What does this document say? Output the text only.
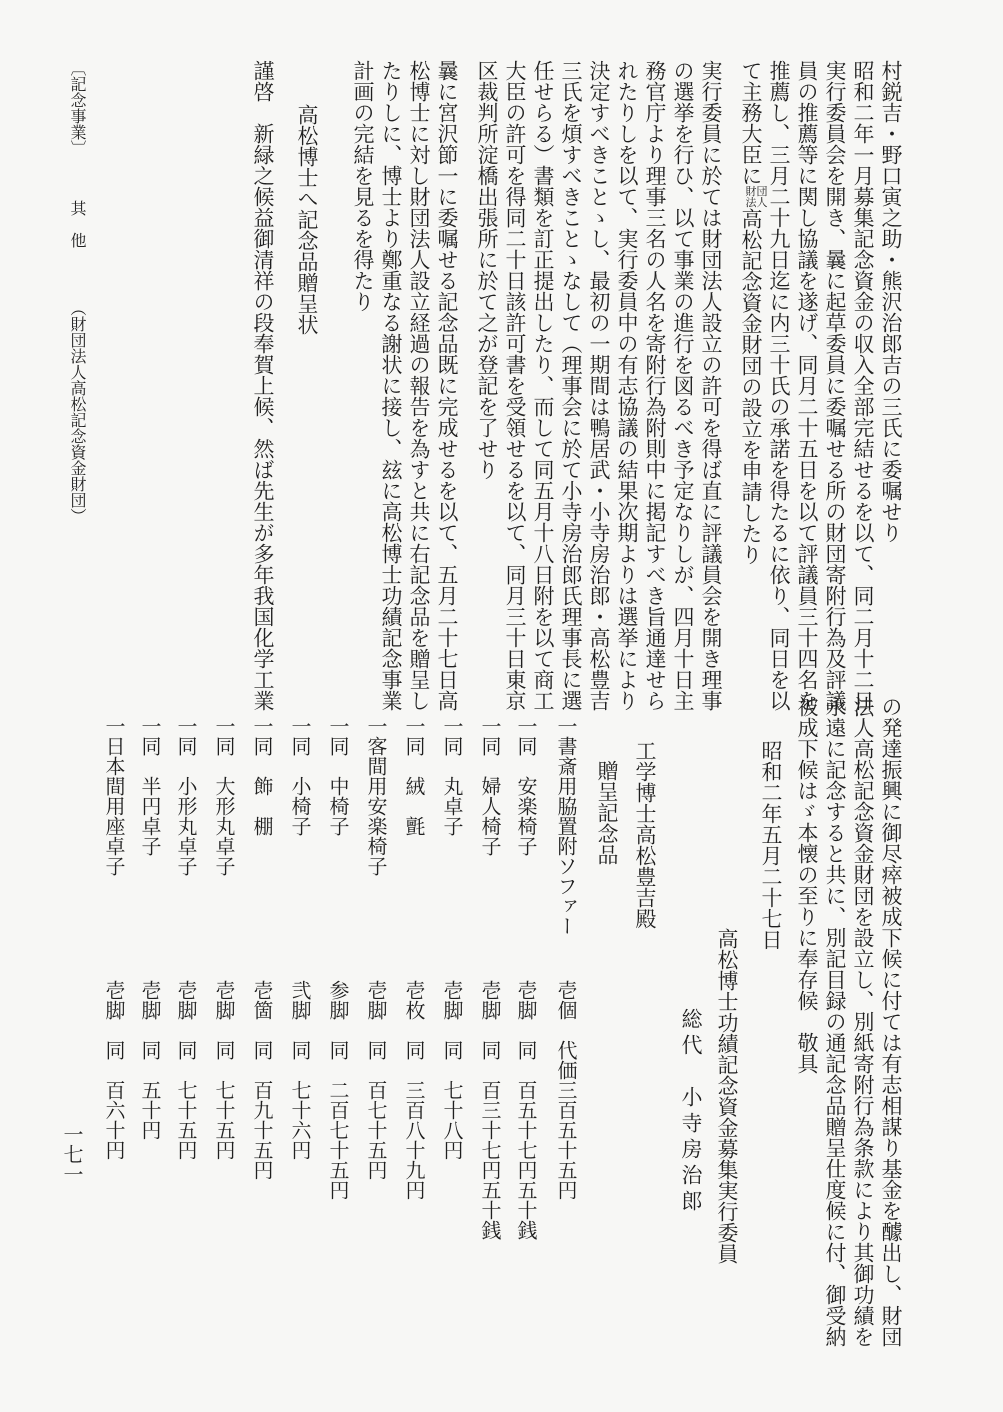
村鋭吉・野口寅之助・熊沢治郎吉の三氏に委嘱せり
昭和二年一月募集記念資金の収入全部完結せるを以て、同二月十二日
実行委員会を開き、曩に起草委員に委嘱せる所の財団寄附行為及評議
員の推薦等に関し協議を遂げ、同月二十五日を以て評議員三十四名を
推薦し、三月二十九日迄に内三十氏の承諾を得たるに依り、同日を以
て主務大臣に
財団
法人
高松記念資金財団の設立を申請したり
実行委員に於ては財団法人設立の許可を得ば直に評議員会を開き理事
の選挙を行ひ、以て事業の進行を図るべき予定なりしが、四月十日主
務官庁より理事三名の人名を寄附行為附則中に掲記すべき旨通達せら
れたりしを以て、実行委員中の有志協議の結果次期よりは選挙により
決定すべきことゝし、最初の一期間は鴨居武・小寺房治郎・高松豊吉
三氏を煩すべきことゝなして（理事会に於て小寺房治郎氏理事長に選
任せらる）書類を訂正提出したり、而して同五月十八日附を以て商工
大臣の許可を得同二十日該許可書を受領せるを以て、同月三十日東京
区裁判所淀橋出張所に於て之が登記を了せり
曩に宮沢節一に委嘱せる記念品既に完成せるを以て、五月二十七日高
松博士に対し財団法人設立経過の報告を為すと共に右記念品を贈呈し
たりしに、博士より鄭重なる謝状に接し、玆に高松博士功績記念事業
計画の完結を見るを得たり
高松博士へ記念品贈呈状
謹啓　新緑之候益御清祥の段奉賀上候、然ば先生が多年我国化学工業
〔記念事業〕
其　他
（財団法人高松記念資金財団）
の発達振興に御尽瘁被成下候に付ては有志相謀り基金を醵出し、財団
法人高松記念資金財団を設立し、別紙寄附行為条款により其御功績を
永遠に記念すると共に、別記目録の通記念品贈呈仕度候に付、御受納
被成下候はゞ本懐の至りに奉存候　敬具
昭和二年五月二十七日
高松博士功績記念資金募集実行委員
総代　小寺房治郎
工学博士高松豊吉殿
贈呈記念品
一書斎用脇置附ソファー
壱個
代価三百五十五円
一同　安楽椅子
壱脚
同　百五十七円五十銭
一同　婦人椅子
壱脚
同　百三十七円五十銭
一同　丸卓子
壱脚
同　七十八円
一同　絨　氈
壱枚
同　三百八十九円
一客間用安楽椅子
壱脚
同　百七十五円
一同　中椅子
参脚
同　二百七十五円
一同　小椅子
弐脚
同　七十六円
一同　飾　棚
壱箇
同　百九十五円
一同　大形丸卓子
壱脚
同　七十五円
一同　小形丸卓子
壱脚
同　七十五円
一同　半円卓子
壱脚
同　五十円
一日本間用座卓子
壱脚
同　百六十円
一七一
